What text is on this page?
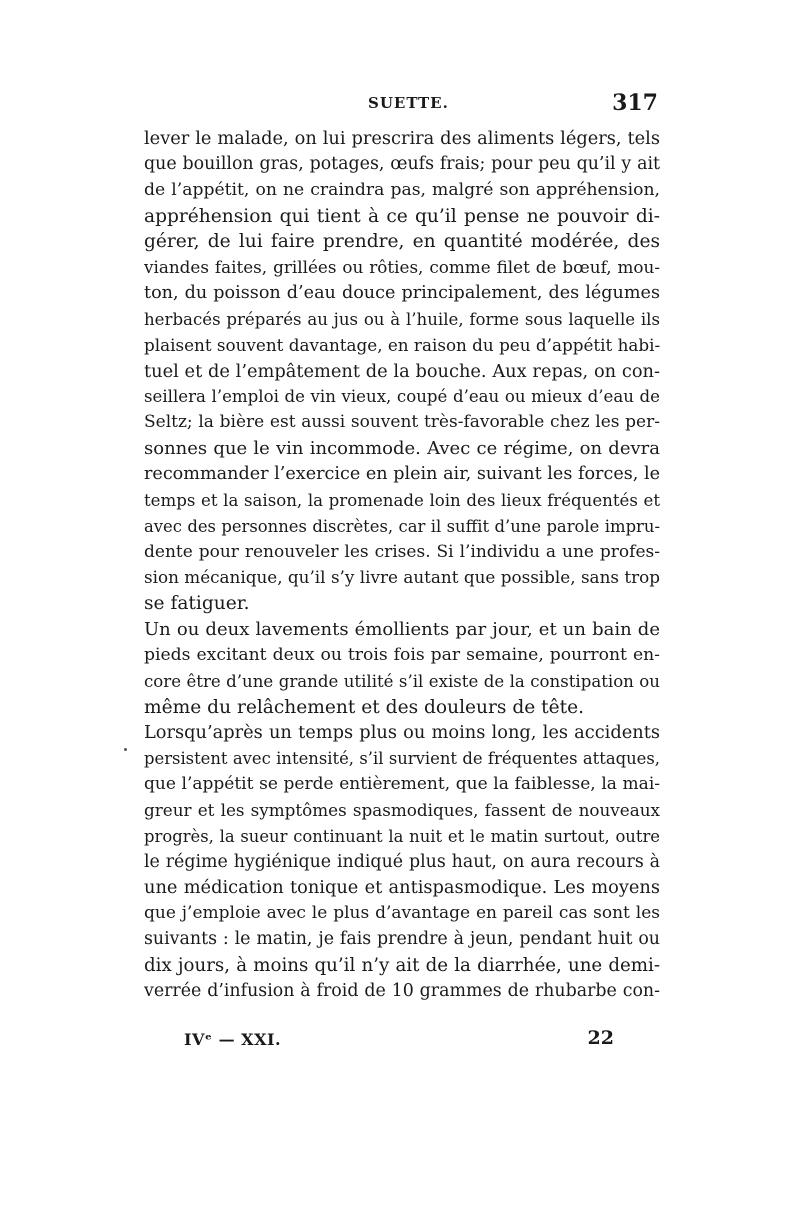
SUETTE.	317
lever le malade, on lui prescrira des aliments légers, tels
que bouillon gras, potages, œufs frais; pour peu qu’il y ait
de l’appétit, on ne craindra pas, malgré son appréhension,
appréhension qui tient à ce qu’il pense ne pouvoir di-
gérer, de lui faire prendre, en quantité modérée, des
viandes faites, grillées ou rôties, comme filet de bœuf, mou-
ton, du poisson d’eau douce principalement, des légumes
herbacés préparés au jus ou à l’huile, forme sous laquelle ils
plaisent souvent davantage, en raison du peu d’appétit habi-
tuel et de l’empâtement de la bouche. Aux repas, on con-
seillera l’emploi de vin vieux, coupé d’eau ou mieux d’eau de
Seltz; la bière est aussi souvent très-favorable chez les per-
sonnes que le vin incommode. Avec ce régime, on devra
recommander l’exercice en plein air, suivant les forces, le
temps et la saison, la promenade loin des lieux fréquentés et
avec des personnes discrètes, car il suffit d’une parole impru-
dente pour renouveler les crises. Si l’individu a une profes-
sion mécanique, qu’il s’y livre autant que possible, sans trop
se fatiguer.
Un ou deux lavements émollients par jour, et un bain de
pieds excitant deux ou trois fois par semaine, pourront en-
core être d’une grande utilité s’il existe de la constipation ou
même du relâchement et des douleurs de tête.
Lorsqu’après un temps plus ou moins long, les accidents
persistent avec intensité, s’il survient de fréquentes attaques,
que l’appétit se perde entièrement, que la faiblesse, la mai-
greur et les symptômes spasmodiques, fassent de nouveaux
progrès, la sueur continuant la nuit et le matin surtout, outre
le régime hygiénique indiqué plus haut, on aura recours à
une médication tonique et antispasmodique. Les moyens
que j’emploie avec le plus d’avantage en pareil cas sont les
suivants : le matin, je fais prendre à jeun, pendant huit ou
dix jours, à moins qu’il n’y ait de la diarrhée, une demi-
verrée d’infusion à froid de 10 grammes de rhubarbe con-
IVᵉ — XXI.	22
